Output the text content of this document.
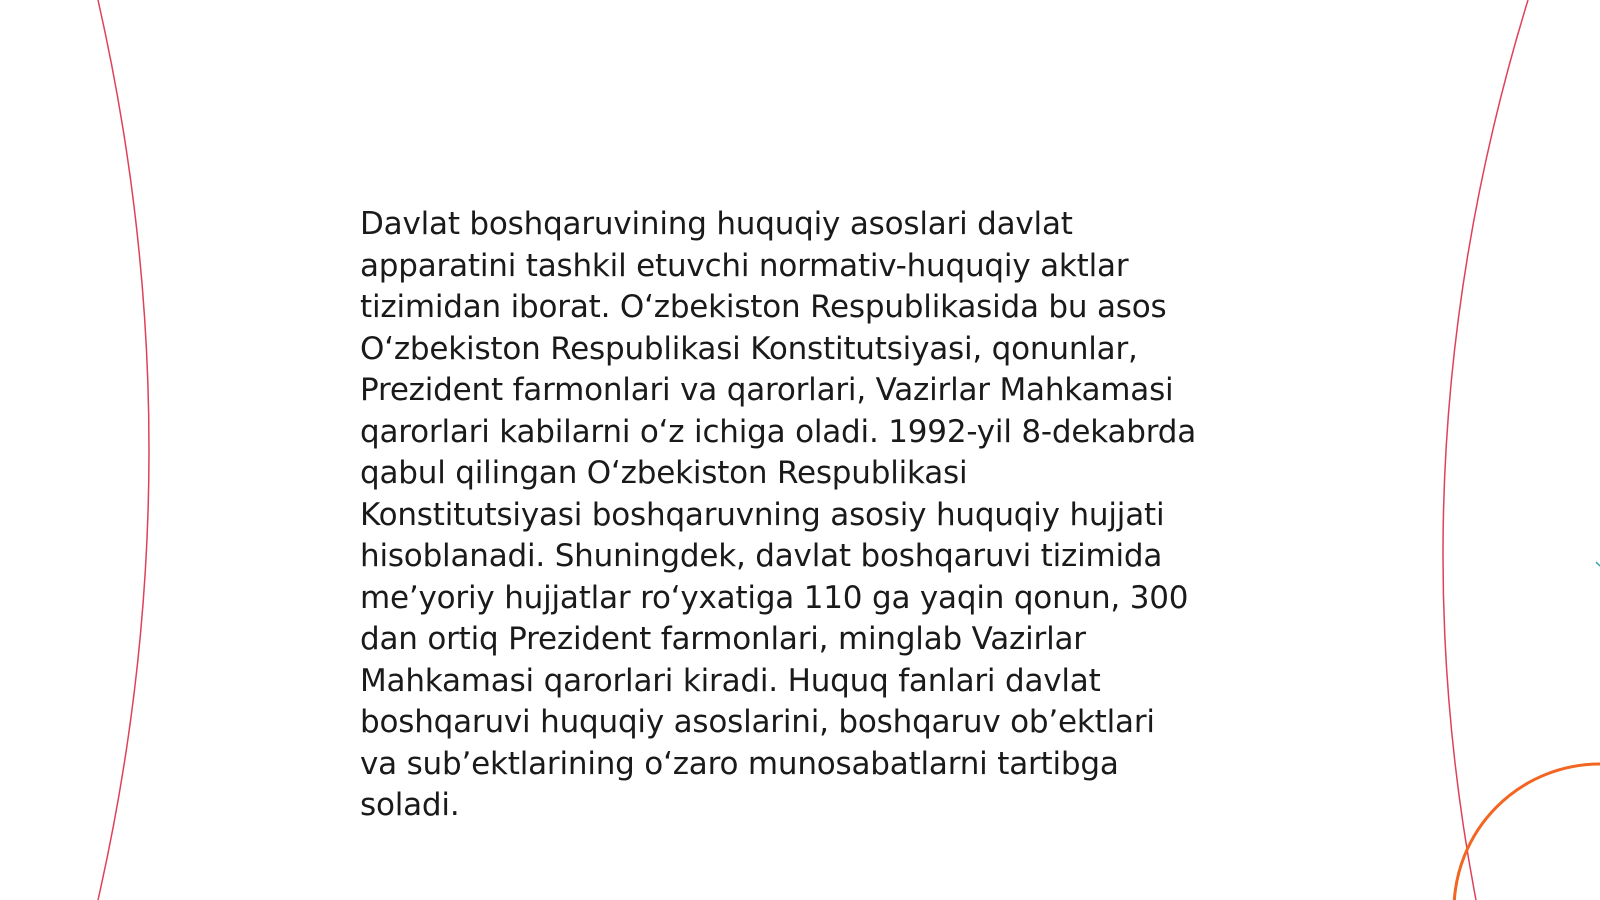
Davlat boshqaruvining huquqiy asoslari davlat
apparatini tashkil etuvchi normativ-huquqiy aktlar
tizimidan iborat. Oʻzbekiston Respublikasida bu asos
Oʻzbekiston Respublikasi Konstitutsiyasi, qonunlar,
Prezident farmonlari va qarorlari, Vazirlar Mahkamasi
qarorlari kabilarni oʻz ichiga oladi. 1992-yil 8-dekabrda
qabul qilingan Oʻzbekiston Respublikasi
Konstitutsiyasi boshqaruvning asosiy huquqiy hujjati
hisoblanadi. Shuningdek, davlat boshqaruvi tizimida
meʼyoriy hujjatlar roʻyxatiga 110 ga yaqin qonun, 300
dan ortiq Prezident farmonlari, minglab Vazirlar
Mahkamasi qarorlari kiradi. Huquq fanlari davlat
boshqaruvi huquqiy asoslarini, boshqaruv obʼektlari
va subʼektlarining oʻzaro munosabatlarni tartibga
soladi.
